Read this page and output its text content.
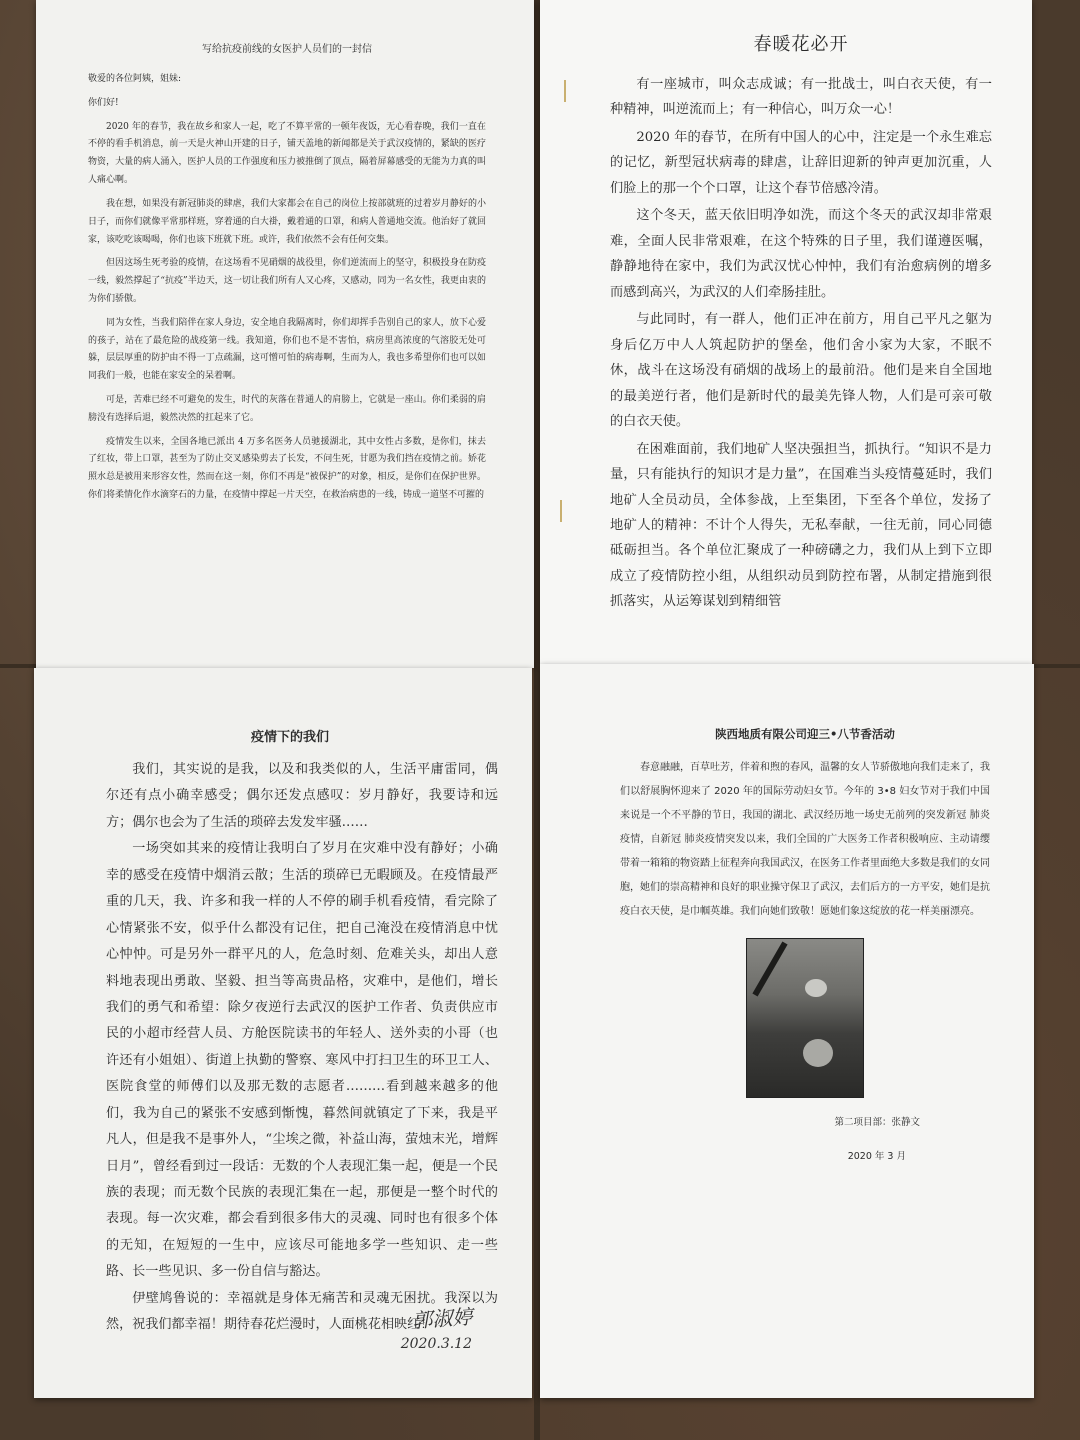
写给抗疫前线的女医护人员们的一封信

敬爱的各位阿姨，姐妹:

你们好!

2020 年的春节，我在故乡和家人一起，吃了不算平常的一顿年夜饭，无心看春晚，我们一直在不停的看手机消息，前一天是火神山开建的日子，铺天盖地的新闻都是关于武汉疫情的，紧缺的医疗物资，大量的病人涌入，医护人员的工作强度和压力被推倒了顶点，隔着屏幕感受的无能为力真的叫人痛心啊。

我在想，如果没有新冠肺炎的肆虐，我们大家都会在自己的岗位上按部就班的过着岁月静好的小日子，而你们就像平常那样班，穿着通的白大褂，戴着通的口罩，和病人普通地交流。他治好了就回家，该吃吃该喝喝，你们也该下班就下班。或许，我们依然不会有任何交集。

但因这场生死考验的疫情，在这场看不见硝烟的战役里，你们逆流而上的坚守，积极投身在防疫一线，毅然撑起了“抗疫”半边天，这一切让我们所有人又心疼，又感动，同为一名女性，我更由衷的为你们骄傲。

同为女性，当我们陪伴在家人身边，安全地自我隔离时，你们却挥手告别自己的家人，放下心爱的孩子，站在了最危险的战疫第一线。我知道，你们也不是不害怕，病房里高浓度的气溶胶无处可躲，层层厚重的防护由不得一丁点疏漏，这可憎可怕的病毒啊，生而为人，我也多希望你们也可以如同我们一般，也能在家安全的呆着啊。

可是，苦难已经不可避免的发生，时代的灰落在普通人的肩膀上，它就是一座山。你们柔弱的肩膀没有选择后退，毅然决然的扛起来了它。

疫情发生以来，全国各地已派出 4 万多名医务人员驰援湖北，其中女性占多数，是你们，抹去了红妆，带上口罩，甚至为了防止交叉感染剪去了长发，不问生死，甘愿为我们挡在疫情之前。娇花照水总是被用来形容女性，然而在这一刻，你们不再是“被保护”的对象，相反，是你们在保护世界。你们将柔情化作水滴穿石的力量，在疫情中撑起一片天空，在救治病患的一线，铸成一道坚不可摧的

春暖花必开

有一座城市，叫众志成诚；有一批战士，叫白衣天使，有一种精神，叫逆流而上；有一种信心，叫万众一心！

2020 年的春节，在所有中国人的心中，注定是一个永生难忘的记忆，新型冠状病毒的肆虐，让辞旧迎新的钟声更加沉重，人们脸上的那一个个口罩，让这个春节倍感冷清。

这个冬天，蓝天依旧明净如洗，而这个冬天的武汉却非常艰难，全面人民非常艰难，在这个特殊的日子里，我们谨遵医嘱，静静地待在家中，我们为武汉忧心忡忡，我们有治愈病例的增多而感到高兴，为武汉的人们牵肠挂肚。

与此同时，有一群人，他们正冲在前方，用自己平凡之躯为身后亿万中人人筑起防护的堡垒，他们舍小家为大家，不眠不休，战斗在这场没有硝烟的战场上的最前沿。他们是来自全国地的最美逆行者，他们是新时代的最美先锋人物，人们是可亲可敬的白衣天使。

在困难面前，我们地矿人坚决强担当，抓执行。“知识不是力量，只有能执行的知识才是力量”，在国难当头疫情蔓延时，我们地矿人全员动员，全体参战，上至集团，下至各个单位，发扬了地矿人的精神：不计个人得失，无私奉献，一往无前，同心同德砥砺担当。各个单位汇聚成了一种磅礴之力，我们从上到下立即成立了疫情防控小组，从组织动员到防控布署，从制定措施到很抓落实，从运筹谋划到精细管

疫情下的我们

我们，其实说的是我，以及和我类似的人，生活平庸雷同，偶尔还有点小确幸感受；偶尔还发点感叹：岁月静好，我要诗和远方；偶尔也会为了生活的琐碎去发发牢骚……

一场突如其来的疫情让我明白了岁月在灾难中没有静好；小确幸的感受在疫情中烟消云散；生活的琐碎已无暇顾及。在疫情最严重的几天，我、许多和我一样的人不停的刷手机看疫情，看完除了心情紧张不安，似乎什么都没有记住，把自己淹没在疫情消息中忧心忡忡。可是另外一群平凡的人，危急时刻、危难关头，却出人意料地表现出勇敢、坚毅、担当等高贵品格，灾难中，是他们，增长我们的勇气和希望：除夕夜逆行去武汉的医护工作者、负责供应市民的小超市经营人员、方舱医院读书的年轻人、送外卖的小哥（也许还有小姐姐）、街道上执勤的警察、寒风中打扫卫生的环卫工人、医院食堂的师傅们以及那无数的志愿者………看到越来越多的他们，我为自己的紧张不安感到惭愧，暮然间就镇定了下来，我是平凡人，但是我不是事外人，“尘埃之微，补益山海，萤烛末光，增辉日月”，曾经看到过一段话：无数的个人表现汇集一起，便是一个民族的表现；而无数个民族的表现汇集在一起，那便是一整个时代的表现。每一次灾难，都会看到很多伟大的灵魂、同时也有很多个体的无知，在短短的一生中，应该尽可能地多学一些知识、走一些路、长一些见识、多一份自信与豁达。

伊壁鸠鲁说的：幸福就是身体无痛苦和灵魂无困扰。我深以为然，祝我们都幸福！期待春花烂漫时，人面桃花相映红！

郭淑婷
2020.3.12
陕西地质有限公司迎三•八节香活动

春意融融，百草吐芳，伴着和煦的春风，温馨的女人节骄傲地向我们走来了，我们以舒展胸怀迎来了 2020 年的国际劳动妇女节。今年的 3•8 妇女节对于我们中国来说是一个不平静的节日，我国的湖北、武汉经历地一场史无前列的突发新冠 肺炎疫情，自新冠 肺炎疫情突发以来，我们全国的广大医务工作者积极响应、主动请缨带着一箱箱的物资踏上征程奔向我国武汉，在医务工作者里面绝大多数是我们的女同胞，她们的崇高精神和良好的职业操守保卫了武汉，去们后方的一方平安，她们是抗 疫白衣天使，是巾帼英雄。我们向她们致敬！愿她们象这绽放的花一样美丽漂亮。

第二项目部：张静文
2020 年 3 月
